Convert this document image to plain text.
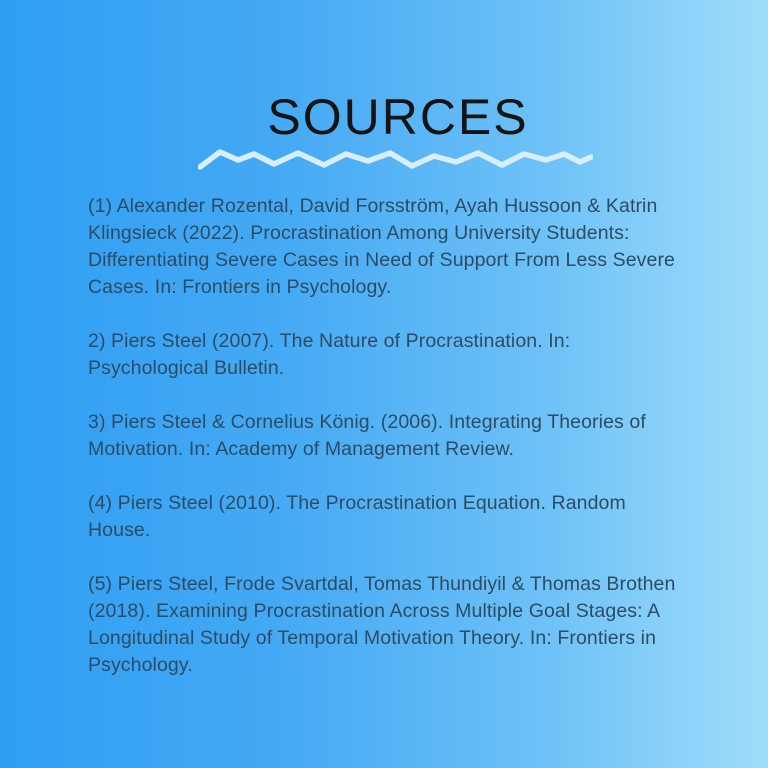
SOURCES

(1) Alexander Rozental, David Forsström, Ayah Hussoon & Katrin Klingsieck (2022). Procrastination Among University Students: Differentiating Severe Cases in Need of Support From Less Severe Cases. In: Frontiers in Psychology.

2) Piers Steel (2007). The Nature of Procrastination. In: Psychological Bulletin.

3) Piers Steel & Cornelius König. (2006). Integrating Theories of Motivation. In: Academy of Management Review.

(4) Piers Steel (2010). The Procrastination Equation. Random House.

(5) Piers Steel, Frode Svartdal, Tomas Thundiyil & Thomas Brothen (2018). Examining Procrastination Across Multiple Goal Stages: A Longitudinal Study of Temporal Motivation Theory. In: Frontiers in Psychology.
